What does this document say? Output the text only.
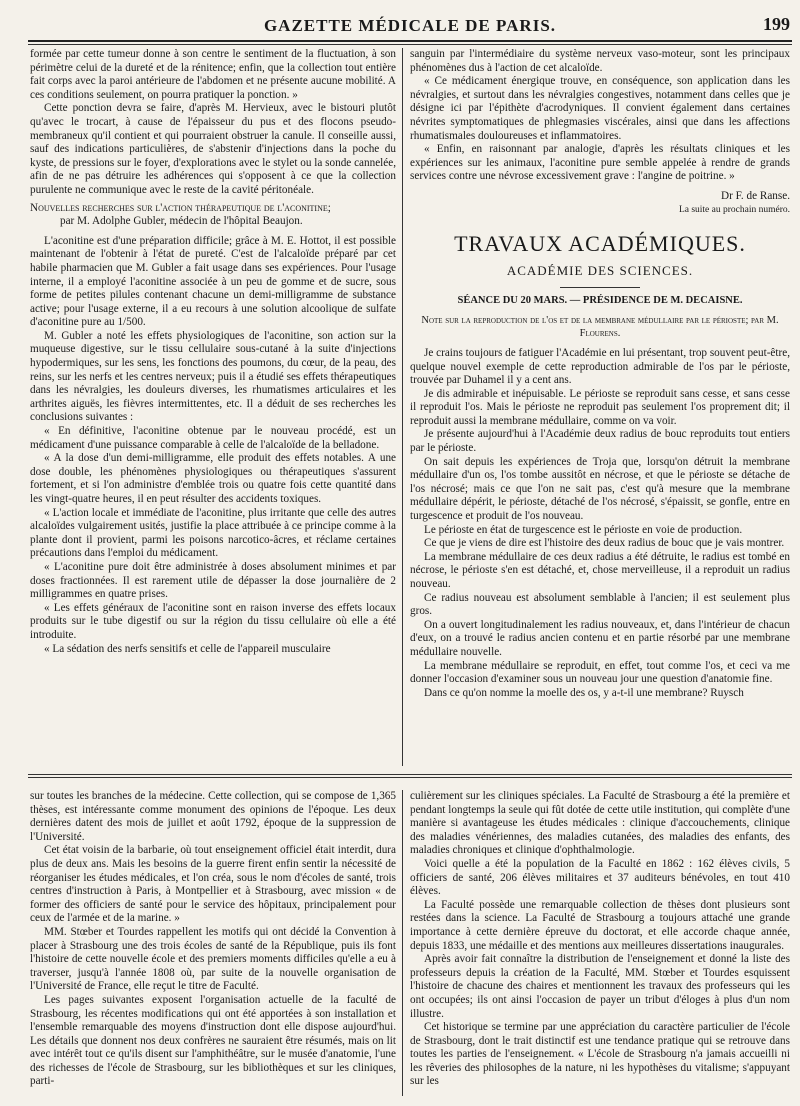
GAZETTE MÉDICALE DE PARIS.	199

formée par cette tumeur donne à son centre le sentiment de la fluctuation, à son périmètre celui de la dureté et de la rénitence; enfin, que la collection tout entière fait corps avec la paroi antérieure de l'abdomen et ne présente aucune mobilité. A ces conditions seulement, on pourra pratiquer la ponction. »

Cette ponction devra se faire, d'après M. Hervieux, avec le bistouri plutôt qu'avec le trocart, à cause de l'épaisseur du pus et des flocons pseudo-membraneux qu'il contient et qui pourraient obstruer la canule. Il conseille aussi, sauf des indications particulières, de s'abstenir d'injections dans la poche du kyste, de pressions sur le foyer, d'explorations avec le stylet ou la sonde cannelée, afin de ne pas détruire les adhérences qui s'opposent à ce que la collection purulente ne communique avec le reste de la cavité péritonéale.

Nouvelles recherches sur l'action thérapeutique de l'aconitine;
par M. Adolphe Gubler, médecin de l'hôpital Beaujon.

L'aconitine est d'une préparation difficile; grâce à M. E. Hottot, il est possible maintenant de l'obtenir à l'état de pureté. C'est de l'alcaloïde préparé par cet habile pharmacien que M. Gubler a fait usage dans ses expériences. Pour l'usage interne, il a employé l'aconitine associée à un peu de gomme et de sucre, sous forme de petites pilules contenant chacune un demi-milligramme de substance active; pour l'usage externe, il a eu recours à une solution alcoolique de sulfate d'aconitine pure au 1/500.

M. Gubler a noté les effets physiologiques de l'aconitine, son action sur la muqueuse digestive, sur le tissu cellulaire sous-cutané à la suite d'injections hypodermiques, sur les sens, les fonctions des poumons, du cœur, de la peau, des reins, sur les nerfs et les centres nerveux; puis il a étudié ses effets thérapeutiques dans les névralgies, les douleurs diverses, les rhumatismes articulaires et les arthrites aiguës, les fièvres intermittentes, etc. Il a déduit de ses recherches les conclusions suivantes :

« En définitive, l'aconitine obtenue par le nouveau procédé, est un médicament d'une puissance comparable à celle de l'alcaloïde de la belladone.

« A la dose d'un demi-milligramme, elle produit des effets notables. A une dose double, les phénomènes physiologiques ou thérapeutiques s'assurent fortement, et si l'on administre d'emblée trois ou quatre fois cette quantité dans les vingt-quatre heures, il en peut résulter des accidents toxiques.

« L'action locale et immédiate de l'aconitine, plus irritante que celle des autres alcaloïdes vulgairement usités, justifie la place attribuée à ce principe comme à la plante dont il provient, parmi les poisons narcotico-âcres, et réclame certaines précautions dans l'emploi du médicament.

« L'aconitine pure doit être administrée à doses absolument minimes et par doses fractionnées. Il est rarement utile de dépasser la dose journalière de 2 milligrammes en quatre prises.

« Les effets généraux de l'aconitine sont en raison inverse des effets locaux produits sur le tube digestif ou sur la région du tissu cellulaire où elle a été introduite.

« La sédation des nerfs sensitifs et celle de l'appareil musculaire

sanguin par l'intermédiaire du système nerveux vaso-moteur, sont les principaux phénomènes dus à l'action de cet alcaloïde.

« Ce médicament énergique trouve, en conséquence, son application dans les névralgies, et surtout dans les névralgies congestives, notamment dans celles que je désigne ici par l'épithète d'acrodyniques. Il convient également dans certaines névrites symptomatiques de phlegmasies viscérales, ainsi que dans les affections rhumatismales douloureuses et inflammatoires.

« Enfin, en raisonnant par analogie, d'après les résultats cliniques et les expériences sur les animaux, l'aconitine pure semble appelée à rendre de grands services contre une névrose excessivement grave : l'angine de poitrine. »

Dr F. de Ranse.

La suite au prochain numéro.

TRAVAUX ACADÉMIQUES.

ACADÉMIE DES SCIENCES.

SÉANCE DU 20 MARS. — PRÉSIDENCE DE M. DECAISNE.

Note sur la reproduction de l'os et de la membrane médullaire par le périoste; par M. Flourens.

Je crains toujours de fatiguer l'Académie en lui présentant, trop souvent peut-être, quelque nouvel exemple de cette reproduction admirable de l'os par le périoste, trouvée par Duhamel il y a cent ans.

Je dis admirable et inépuisable. Le périoste se reproduit sans cesse, et sans cesse il reproduit l'os. Mais le périoste ne reproduit pas seulement l'os proprement dit; il reproduit aussi la membrane médullaire, comme on va voir.

Je présente aujourd'hui à l'Académie deux radius de bouc reproduits tout entiers par le périoste.

On sait depuis les expériences de Troja que, lorsqu'on détruit la membrane médullaire d'un os, l'os tombe aussitôt en nécrose, et que le périoste se détache de l'os nécrosé; mais ce que l'on ne sait pas, c'est qu'à mesure que la membrane médullaire dépérit, le périoste, détaché de l'os nécrosé, s'épaissit, se gonfle, entre en turgescence et produit de l'os nouveau.

Le périoste en état de turgescence est le périoste en voie de production.

Ce que je viens de dire est l'histoire des deux radius de bouc que je vais montrer.

La membrane médullaire de ces deux radius a été détruite, le radius est tombé en nécrose, le périoste s'en est détaché, et, chose merveilleuse, il a reproduit un radius nouveau.

Ce radius nouveau est absolument semblable à l'ancien; il est seulement plus gros.

On a ouvert longitudinalement les radius nouveaux, et, dans l'intérieur de chacun d'eux, on a trouvé le radius ancien contenu et en partie résorbé par une membrane médullaire nouvelle.

La membrane médullaire se reproduit, en effet, tout comme l'os, et ceci va me donner l'occasion d'examiner sous un nouveau jour une question d'anatomie fine.

Dans ce qu'on nomme la moelle des os, y a-t-il une membrane? Ruysch

sur toutes les branches de la médecine. Cette collection, qui se compose de 1,365 thèses, est intéressante comme monument des opinions de l'époque. Les deux dernières datent des mois de juillet et août 1792, époque de la suppression de l'Université.

Cet état voisin de la barbarie, où tout enseignement officiel était interdit, dura plus de deux ans. Mais les besoins de la guerre firent enfin sentir la nécessité de réorganiser les études médicales, et l'on créa, sous le nom d'écoles de santé, trois centres d'instruction à Paris, à Montpellier et à Strasbourg, avec mission « de former des officiers de santé pour le service des hôpitaux, principalement pour ceux de l'armée et de la marine. »

MM. Stœber et Tourdes rappellent les motifs qui ont décidé la Convention à placer à Strasbourg une des trois écoles de santé de la République, puis ils font l'histoire de cette nouvelle école et des premiers moments difficiles qu'elle a eu à traverser, jusqu'à l'année 1808 où, par suite de la nouvelle organisation de l'Université de France, elle reçut le titre de Faculté.

Les pages suivantes exposent l'organisation actuelle de la faculté de Strasbourg, les récentes modifications qui ont été apportées à son installation et l'ensemble remarquable des moyens d'instruction dont elle dispose aujourd'hui. Les détails que donnent nos deux confrères ne sauraient être résumés, mais on lit avec intérêt tout ce qu'ils disent sur l'amphithéâtre, sur le musée d'anatomie, l'une des richesses de l'école de Strasbourg, sur les bibliothèques et sur les cliniques, parti-

culièrement sur les cliniques spéciales. La Faculté de Strasbourg a été la première et pendant longtemps la seule qui fût dotée de cette utile institution, qui complète d'une manière si avantageuse les études médicales : clinique d'accouchements, clinique des maladies vénériennes, des maladies cutanées, des maladies des enfants, des maladies chroniques et clinique d'ophthalmologie.

Voici quelle a été la population de la Faculté en 1862 : 162 élèves civils, 5 officiers de santé, 206 élèves militaires et 37 auditeurs bénévoles, en tout 410 élèves.

La Faculté possède une remarquable collection de thèses dont plusieurs sont restées dans la science. La Faculté de Strasbourg a toujours attaché une grande importance à cette dernière épreuve du doctorat, et elle accorde chaque année, depuis 1833, une médaille et des mentions aux meilleures dissertations inaugurales.

Après avoir fait connaître la distribution de l'enseignement et donné la liste des professeurs depuis la création de la Faculté, MM. Stœber et Tourdes esquissent l'histoire de chacune des chaires et mentionnent les travaux des professeurs qui les ont occupées; ils ont ainsi l'occasion de payer un tribut d'éloges à plus d'un nom illustre.

Cet historique se termine par une appréciation du caractère particulier de l'école de Strasbourg, dont le trait distinctif est une tendance pratique qui se retrouve dans toutes les parties de l'enseignement. « L'école de Strasbourg n'a jamais accueilli ni les rêveries des philosophes de la nature, ni les hypothèses du vitalisme; s'appuyant sur les
